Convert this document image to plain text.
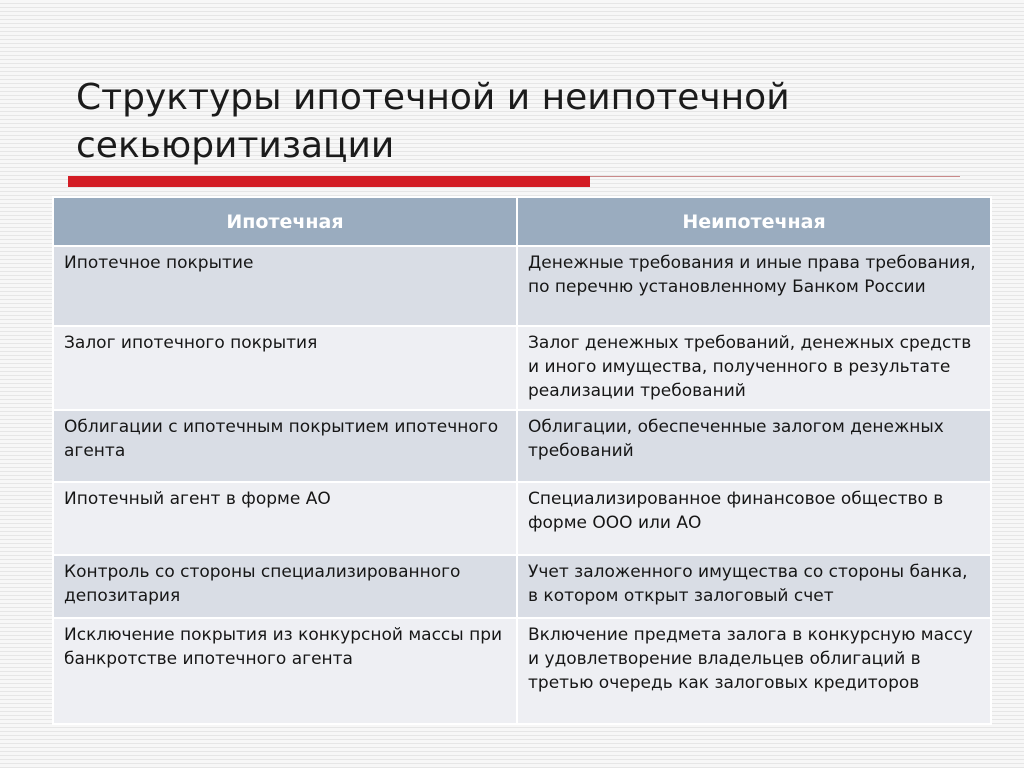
Структуры ипотечной и неипотечной секьюритизации
Ипотечная	Неипотечная
Ипотечное покрытие	Денежные требования и иные права требования, по перечню установленному Банком России
Залог ипотечного покрытия	Залог денежных требований, денежных средств и иного имущества, полученного в результате реализации требований
Облигации с ипотечным покрытием ипотечного агента	Облигации, обеспеченные залогом денежных требований
Ипотечный агент в форме АО	Специализированное финансовое общество в форме ООО или АО
Контроль со стороны специализированного депозитария	Учет заложенного имущества со стороны банка, в котором открыт залоговый счет
Исключение покрытия из конкурсной массы при банкротстве ипотечного агента	Включение предмета залога в конкурсную массу и удовлетворение владельцев облигаций в третью очередь как залоговых кредиторов
